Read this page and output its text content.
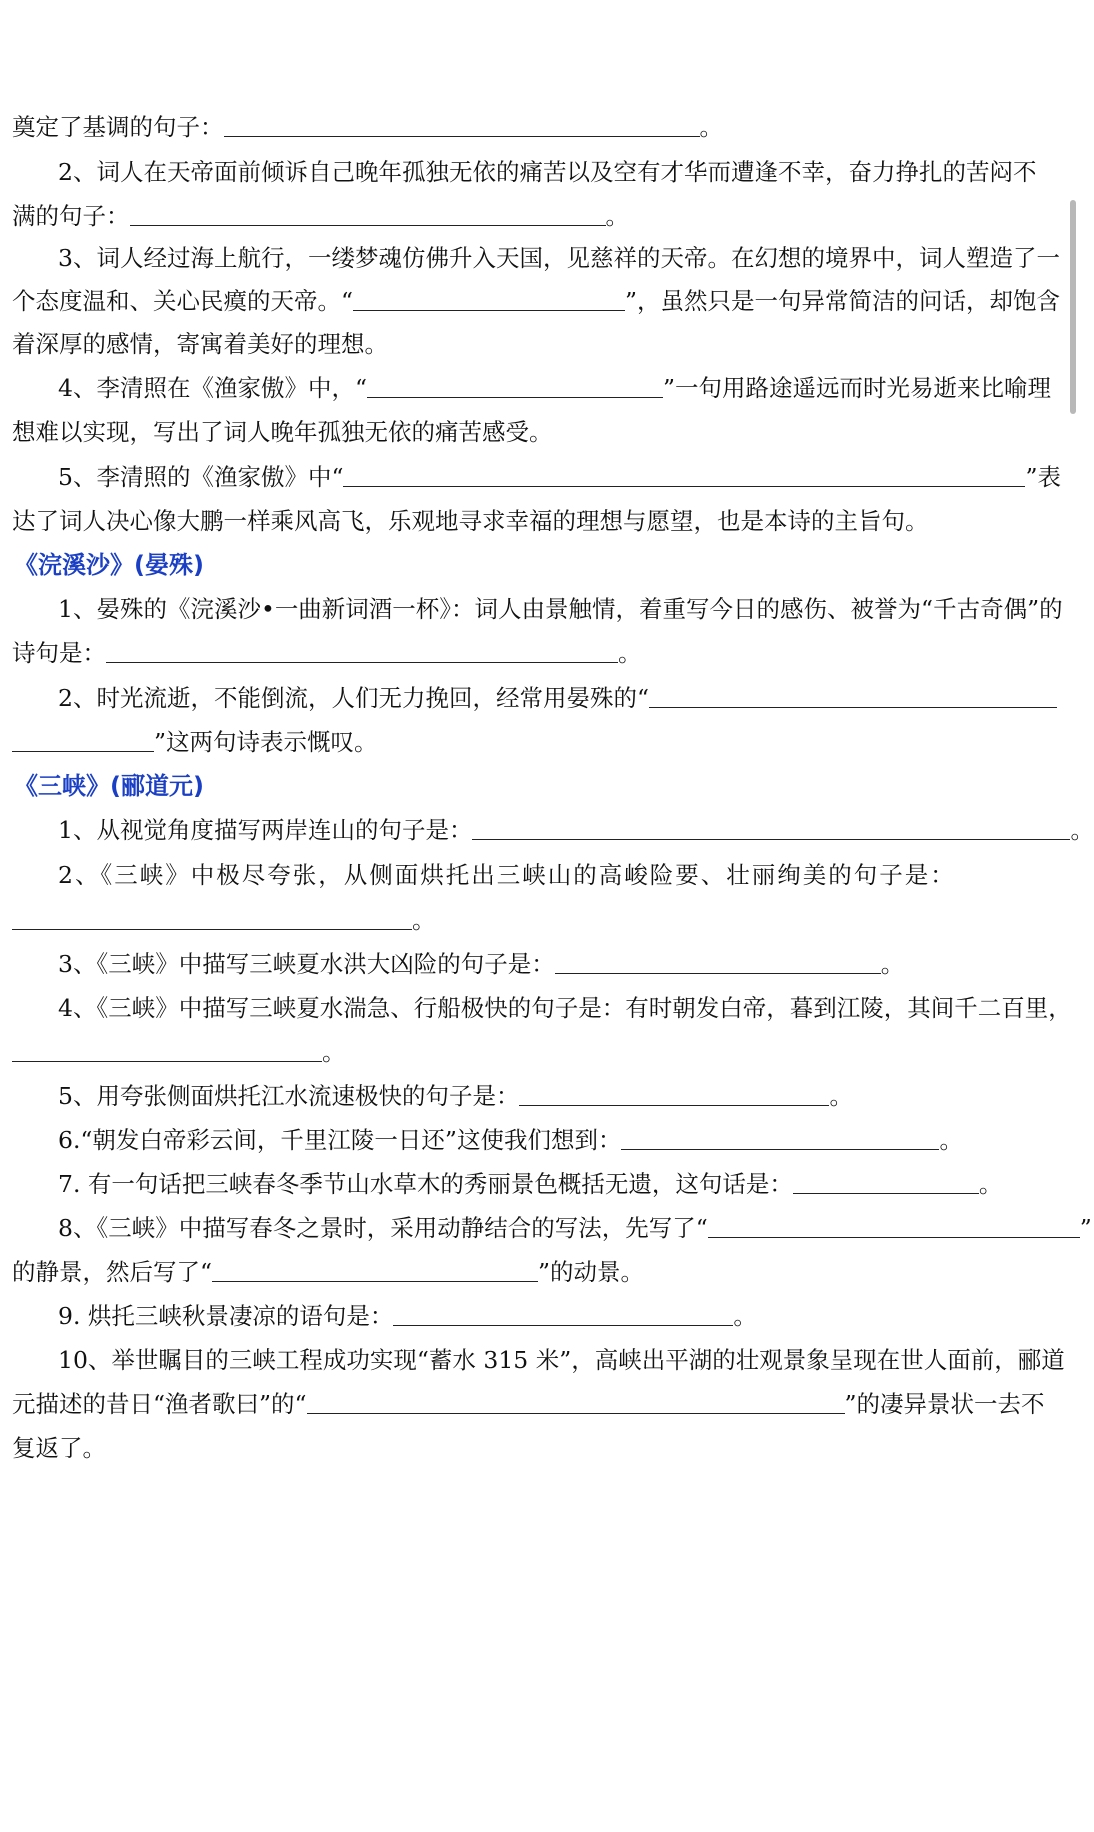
奠定了基调的句子：	。
2、词人在天帝面前倾诉自己晚年孤独无依的痛苦以及空有才华而遭逢不幸，奋力挣扎的苦闷不
满的句子：	。
3、词人经过海上航行，一缕梦魂仿佛升入天国，见慈祥的天帝。在幻想的境界中，词人塑造了一
个态度温和、关心民瘼的天帝。“	”，虽然只是一句异常简洁的问话，却饱含
着深厚的感情，寄寓着美好的理想。
4、李清照在《渔家傲》中，“	”一句用路途遥远而时光易逝来比喻理
想难以实现，写出了词人晚年孤独无依的痛苦感受。
5、李清照的《渔家傲》中“	”表
达了词人决心像大鹏一样乘风高飞，乐观地寻求幸福的理想与愿望，也是本诗的主旨句。
《浣溪沙》(晏殊)
1、晏殊的《浣溪沙•一曲新词酒一杯》：词人由景触情，着重写今日的感伤、被誉为“千古奇偶”的
诗句是：	。
2、时光流逝，不能倒流，人们无力挽回，经常用晏殊的“
”这两句诗表示慨叹。
《三峡》(郦道元)
1、从视觉角度描写两岸连山的句子是：	。
2、《三峡》中极尽夸张，从侧面烘托出三峡山的高峻险要、壮丽绚美的句子是：
。
3、《三峡》中描写三峡夏水洪大凶险的句子是：	。
4、《三峡》中描写三峡夏水湍急、行船极快的句子是：有时朝发白帝，暮到江陵，其间千二百里，
。
5、用夸张侧面烘托江水流速极快的句子是：	。
6.“朝发白帝彩云间，千里江陵一日还”这使我们想到：	。
7. 有一句话把三峡春冬季节山水草木的秀丽景色概括无遗，这句话是：	。
8、《三峡》中描写春冬之景时，采用动静结合的写法，先写了“	”
的静景，然后写了“	”的动景。
9. 烘托三峡秋景凄凉的语句是：	。
10、举世瞩目的三峡工程成功实现“蓄水 315 米”，高峡出平湖的壮观景象呈现在世人面前，郦道
元描述的昔日“渔者歌曰”的“	”的凄异景状一去不
复返了。
